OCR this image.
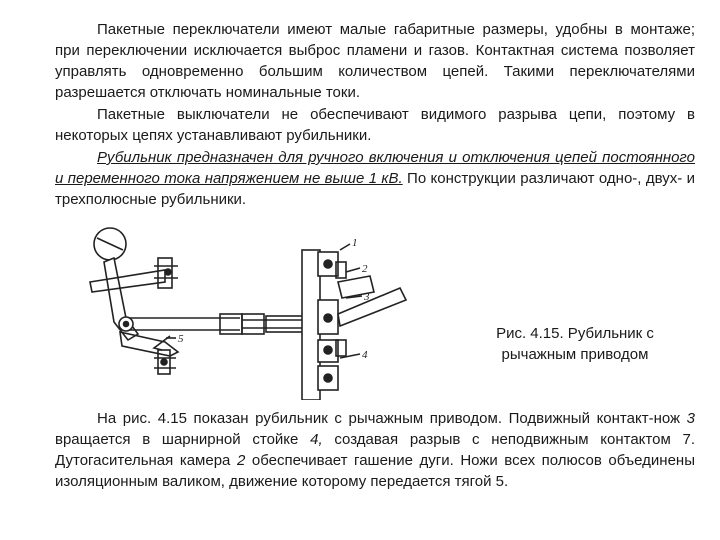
Пакетные переключатели имеют малые габаритные размеры, удобны в монтаже; при переключении исключается выброс пламени и газов. Контактная система позволяет управлять одновременно большим количеством цепей. Такими переключателями разрешается отключать номинальные токи.

Пакетные выключатели не обеспечивают видимого разрыва цепи, поэтому в некоторых цепях устанавливают рубильники.

Рубильник предназначен для ручного включения и отключения цепей постоянного и переменного тока напряжением не выше 1 кВ. По конструкции различают одно-, двух- и трехполюсные рубильники.

1
2
3
4
5	Рис. 4.15. Рубильник с
рычажным приводом

На рис. 4.15 показан рубильник с рычажным приводом. Подвижный контакт-нож 3 вращается в шарнирной стойке 4, создавая разрыв с неподвижным контактом 7. Дутогасительная камера 2 обеспечивает гашение дуги. Ножи всех полюсов объединены изоляционным валиком, движение которому передается тягой 5.
